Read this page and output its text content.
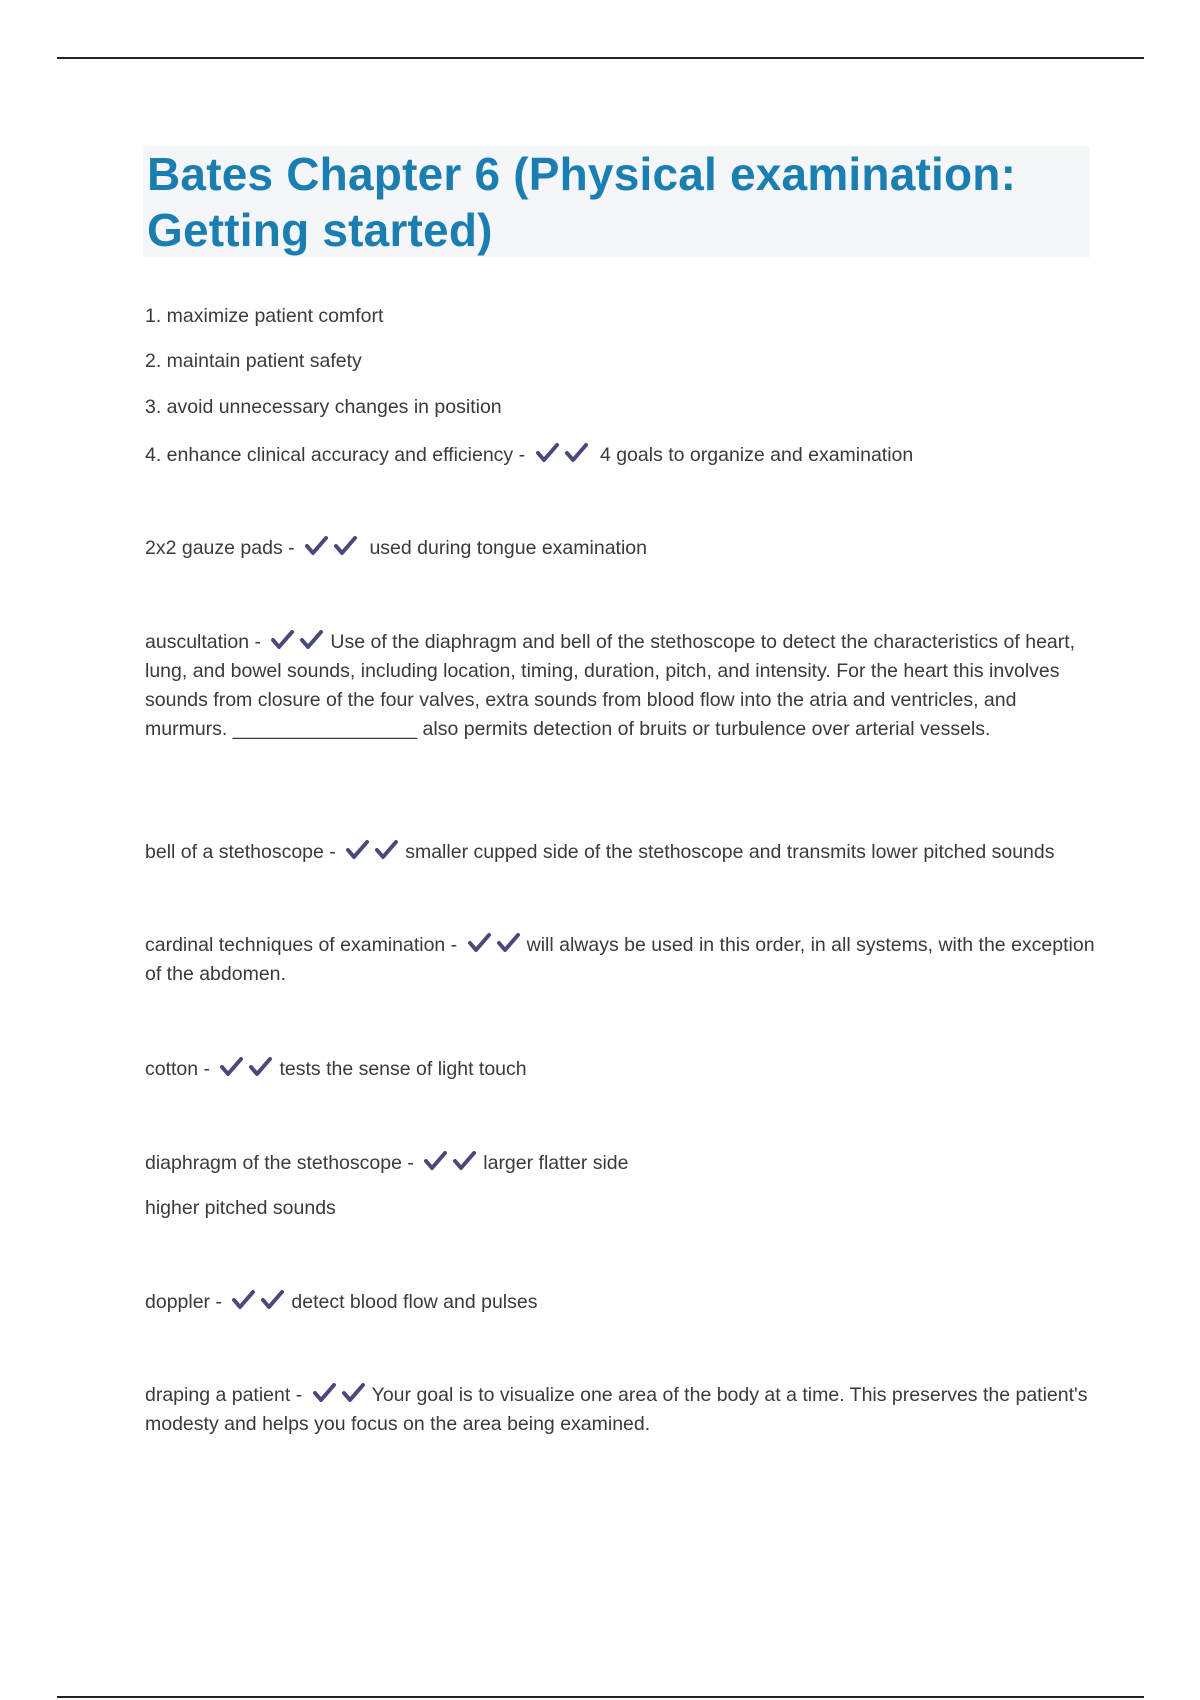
Bates Chapter 6 (Physical examination: Getting started)
1. maximize patient comfort
2. maintain patient safety
3. avoid unnecessary changes in position
4. enhance clinical accuracy and efficiency -	4 goals to organize and examination
2x2 gauze pads -	used during tongue examination
auscultation -	Use of the diaphragm and bell of the stethoscope to detect the characteristics of heart, lung, and bowel sounds, including location, timing, duration, pitch, and intensity. For the heart this involves sounds from closure of the four valves, extra sounds from blood flow into the atria and ventricles, and murmurs. _________________ also permits detection of bruits or turbulence over arterial vessels.
bell of a stethoscope -	smaller cupped side of the stethoscope and transmits lower pitched sounds
cardinal techniques of examination -	will always be used in this order, in all systems, with the exception of the abdomen.
cotton -	tests the sense of light touch
diaphragm of the stethoscope -	larger flatter side
higher pitched sounds
doppler -	detect blood flow and pulses
draping a patient -	Your goal is to visualize one area of the body at a time. This preserves the patient's modesty and helps you focus on the area being examined.
